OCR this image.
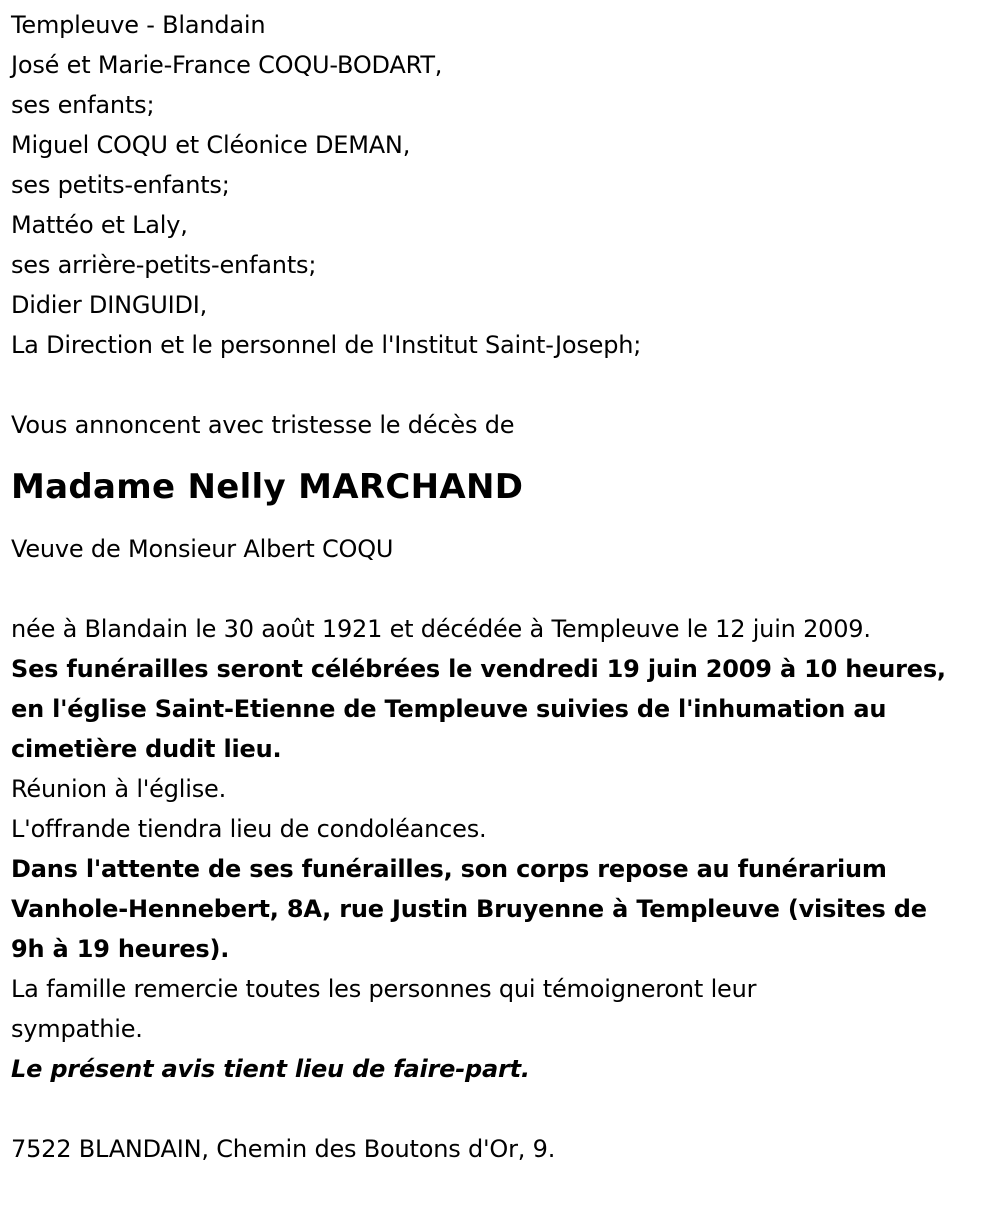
Templeuve - Blandain
José et Marie-France COQU-BODART,
ses enfants;
Miguel COQU et Cléonice DEMAN,
ses petits-enfants;
Mattéo et Laly,
ses arrière-petits-enfants;
Didier DINGUIDI,
La Direction et le personnel de l'Institut Saint-Joseph;
Vous annoncent avec tristesse le décès de
Madame Nelly MARCHAND
Veuve de Monsieur Albert COQU
née à Blandain le 30 août 1921 et décédée à Templeuve le 12 juin 2009.
Ses funérailles seront célébrées le vendredi 19 juin 2009 à 10 heures,
en l'église Saint-Etienne de Templeuve suivies de l'inhumation au
cimetière dudit lieu.
Réunion à l'église.
L'offrande tiendra lieu de condoléances.
Dans l'attente de ses funérailles, son corps repose au funérarium
Vanhole-Hennebert, 8A, rue Justin Bruyenne à Templeuve (visites de
9h à 19 heures).
La famille remercie toutes les personnes qui témoigneront leur
sympathie.
Le présent avis tient lieu de faire-part.
7522 BLANDAIN, Chemin des Boutons d'Or, 9.
